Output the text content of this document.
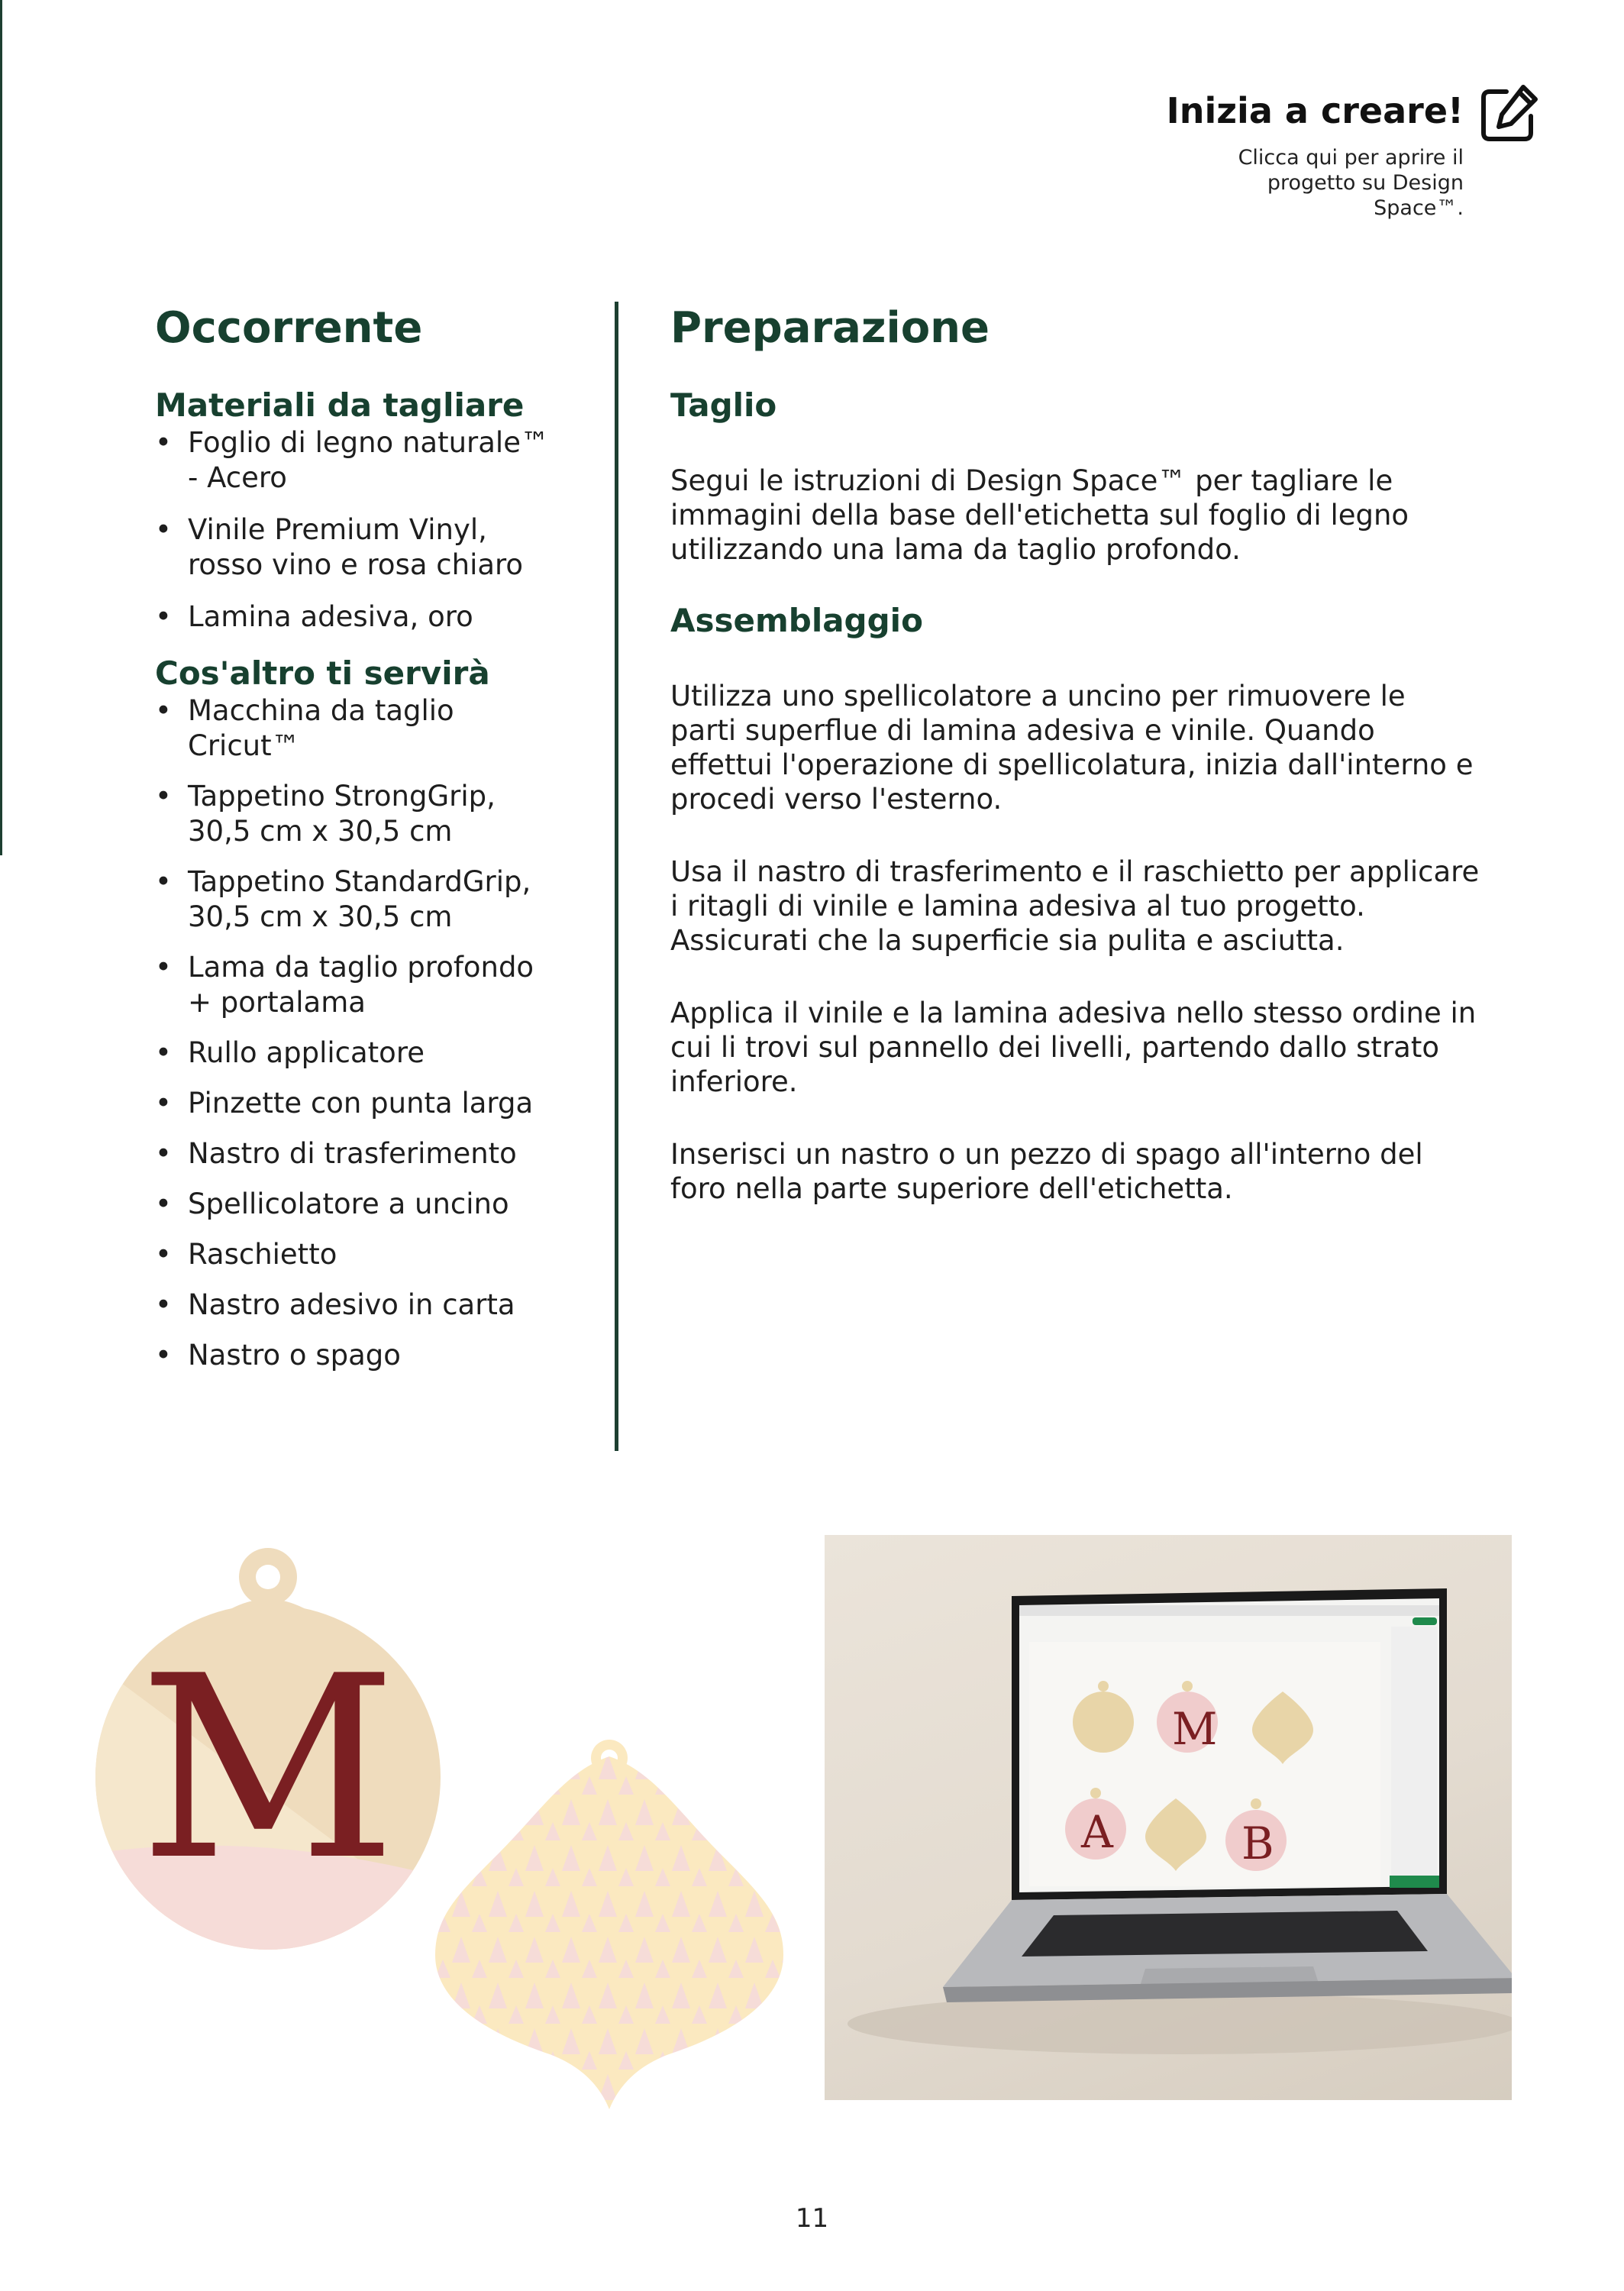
Inizia a creare!
Clicca qui per aprire il progetto su Design Space™.
Occorrente
Materiali da tagliare
• Foglio di legno naturale™ - Acero
• Vinile Premium Vinyl, rosso vino e rosa chiaro
• Lamina adesiva, oro
Cos'altro ti servirà
• Macchina da taglio Cricut™
• Tappetino StrongGrip, 30,5 cm x 30,5 cm
• Tappetino StandardGrip, 30,5 cm x 30,5 cm
• Lama da taglio profondo + portalama
• Rullo applicatore
• Pinzette con punta larga
• Nastro di trasferimento
• Spellicolatore a uncino
• Raschietto
• Nastro adesivo in carta
• Nastro o spago
Preparazione
Taglio

Segui le istruzioni di Design Space™ per tagliare le immagini della base dell'etichetta sul foglio di legno utilizzando una lama da taglio profondo.

Assemblaggio

Utilizza uno spellicolatore a uncino per rimuovere le parti superflue di lamina adesiva e vinile. Quando effettui l'operazione di spellicolatura, inizia dall'interno e procedi verso l'esterno.

Usa il nastro di trasferimento e il raschietto per applicare i ritagli di vinile e lamina adesiva al tuo progetto. Assicurati che la superficie sia pulita e asciutta.

Applica il vinile e la lamina adesiva nello stesso ordine in cui li trovi sul pannello dei livelli, partendo dallo strato inferiore.

Inserisci un nastro o un pezzo di spago all'interno del foro nella parte superiore dell'etichetta.

M	M
A	B
11
